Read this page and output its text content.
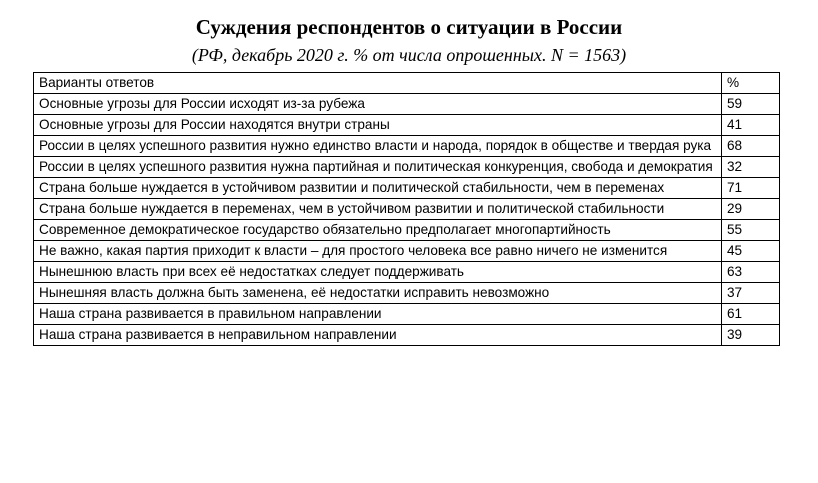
Суждения респондентов о ситуации в России
(РФ, декабрь 2020 г. % от числа опрошенных. N = 1563)
Варианты ответов	%
Основные угрозы для России исходят из-за рубежа	59
Основные угрозы для России находятся внутри страны	41
России в целях успешного развития нужно единство власти и народа, порядок в обществе и твердая рука	68
России в целях успешного развития нужна партийная и политическая конкуренция, свобода и демократия	32
Страна больше нуждается в устойчивом развитии и политической стабильности, чем в переменах	71
Страна больше нуждается в переменах, чем в устойчивом развитии и политической стабильности	29
Современное демократическое государство обязательно предполагает многопартийность	55
Не важно, какая партия приходит к власти – для простого человека все равно ничего не изменится	45
Нынешнюю власть при всех её недостатках следует поддерживать	63
Нынешняя власть должна быть заменена, её недостатки исправить невозможно	37
Наша страна развивается в правильном направлении	61
Наша страна развивается в неправильном направлении	39
